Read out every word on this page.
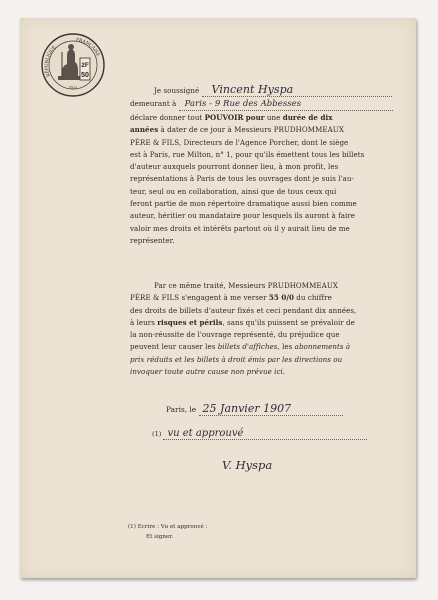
RÉPUBLIQUE
FRANÇAISE
2F
50
20 Ct	Je soussigné Vincent Hyspa
demeurant à Paris - 9 Rue des Abbesses
déclare donner tout POUVOIR pour une durée de dix
années à dater de ce jour à Messieurs PRUDHOMMEAUX
PÈRE & FILS, Directeurs de l'Agence Porcher, dont le siège
est à Paris, rue Milton, n° 1, pour qu'ils émettent tous les billets
d'auteur auxquels pourront donner lieu, à mon profit, les
représentations à Paris de tous les ouvrages dont je suis l'au-
teur, seul ou en collaboration, ainsi que de tous ceux qui
feront partie de mon répertoire dramatique aussi bien comme
auteur, héritier ou mandataire pour lesquels ils auront à faire
valoir mes droits et intérêts partout où il y aurait lieu de me
représenter.
Par ce même traité, Messieurs PRUDHOMMEAUX
PÈRE & FILS s'engagent à me verser 55 0/0 du chiffre
des droits de billets d'auteur fixés et ceci pendant dix années,
à leurs risques et périls, sans qu'ils puissent se prévaloir de
la non-réussite de l'ouvrage représenté, du préjudice que
peuvent leur causer les billets d'affiches, les abonnements à
prix réduits et les billets à droit émis par les directions ou
invoquer toute autre cause non prévue ici.
Paris, le 25 Janvier 1907
(1) vu et approuvé
V. Hyspa
(1) Ecrire : Vu et approuvé :
Et signer.
